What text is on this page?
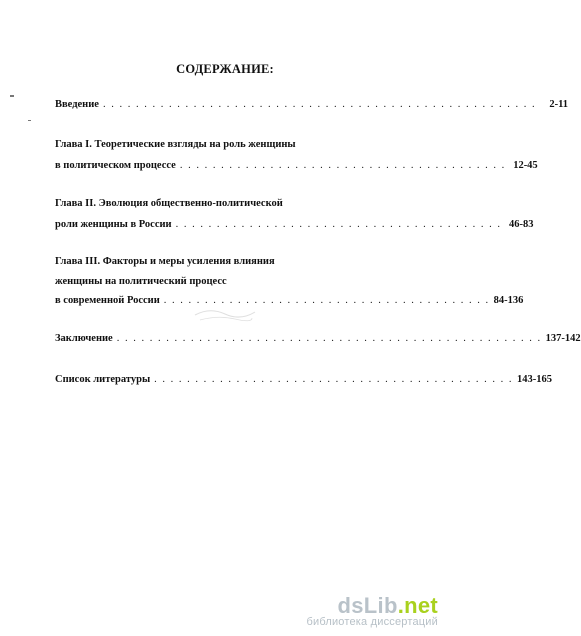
СОДЕРЖАНИЕ:
Введение . . . . . . . . . . . . . . . . . . . . . . . . . . . . . . . . . . . . . . . . . . . . . . . . . . . . .	2-11
Глава I. Теоретические взгляды на роль женщины
в политическом процессе . . . . . . . . . . . . . . . . . . . . . . . . . . . . . . . . . . . . . . . . 12-45
Глава II. Эволюция общественно-политической
роли женщины в России . . . . . . . . . . . . . . . . . . . . . . . . . . . . . . . . . . . . . . . . 46-83
Глава III. Факторы и меры усиления влияния
женщины на политический процесс
в современной России . . . . . . . . . . . . . . . . . . . . . . . . . . . . . . . . . . . . . . . . 84-136
Заключение . . . . . . . . . . . . . . . . . . . . . . . . . . . . . . . . . . . . . . . . . . . . . . . . . . . . 137-142
Список литературы . . . . . . . . . . . . . . . . . . . . . . . . . . . . . . . . . . . . . . . . . . . . 143-165
dsLib.net
библиотека диссертаций
